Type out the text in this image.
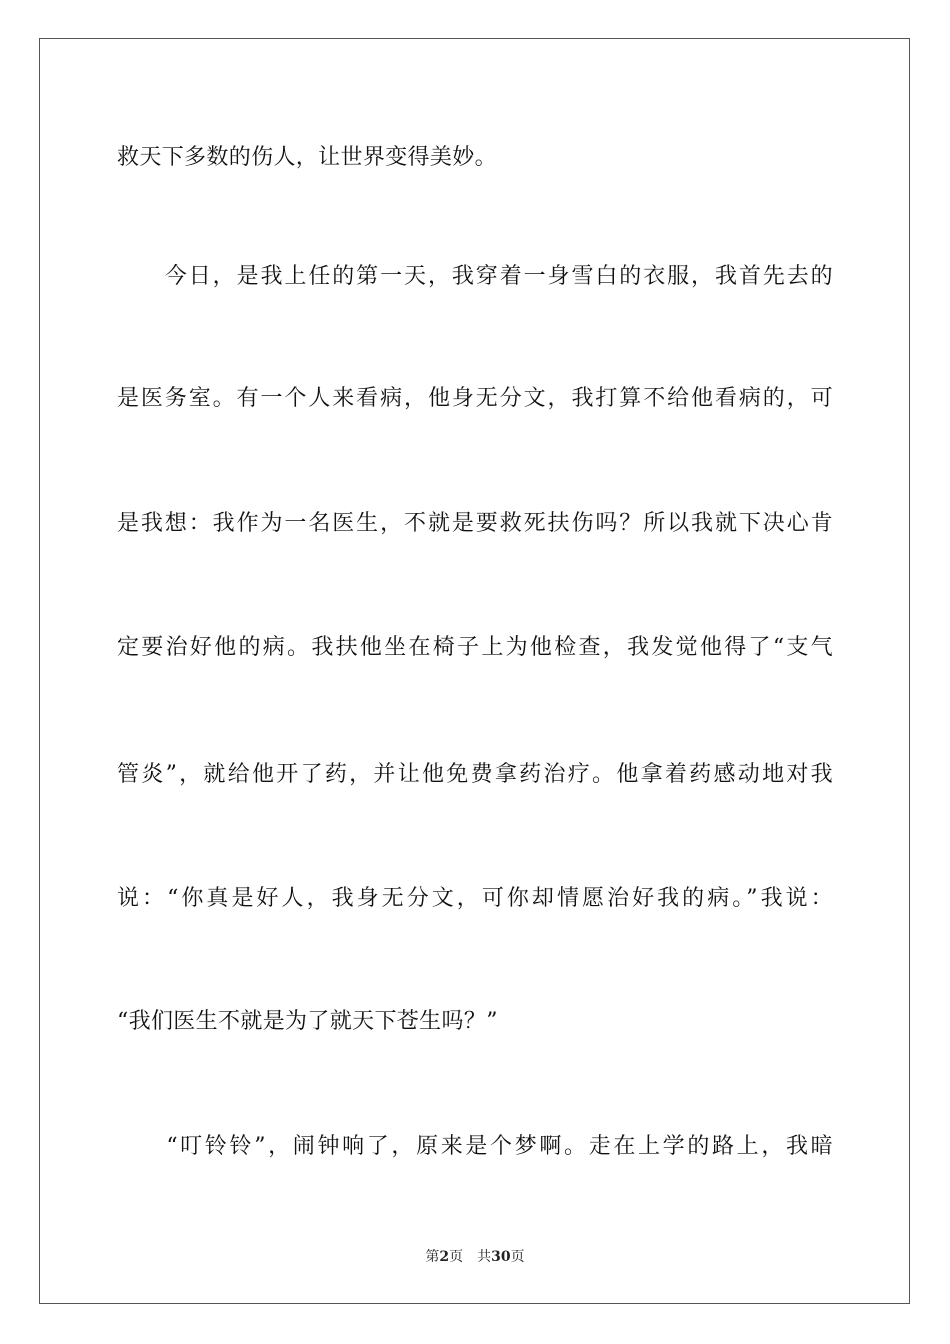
救天下多数的伤人，让世界变得美妙。
　　今日，是我上任的第一天，我穿着一身雪白的衣服，我首先去的
是医务室。有一个人来看病，他身无分文，我打算不给他看病的，可
是我想：我作为一名医生，不就是要救死扶伤吗？所以我就下决心肯
定要治好他的病。我扶他坐在椅子上为他检查，我发觉他得了“支气
管炎”，就给他开了药，并让他免费拿药治疗。他拿着药感动地对我
说：“你真是好人，我身无分文，可你却情愿治好我的病。”我说：
“我们医生不就是为了就天下苍生吗？”
　　“叮铃铃”，闹钟响了，原来是个梦啊。走在上学的路上，我暗
第2页 共30页
